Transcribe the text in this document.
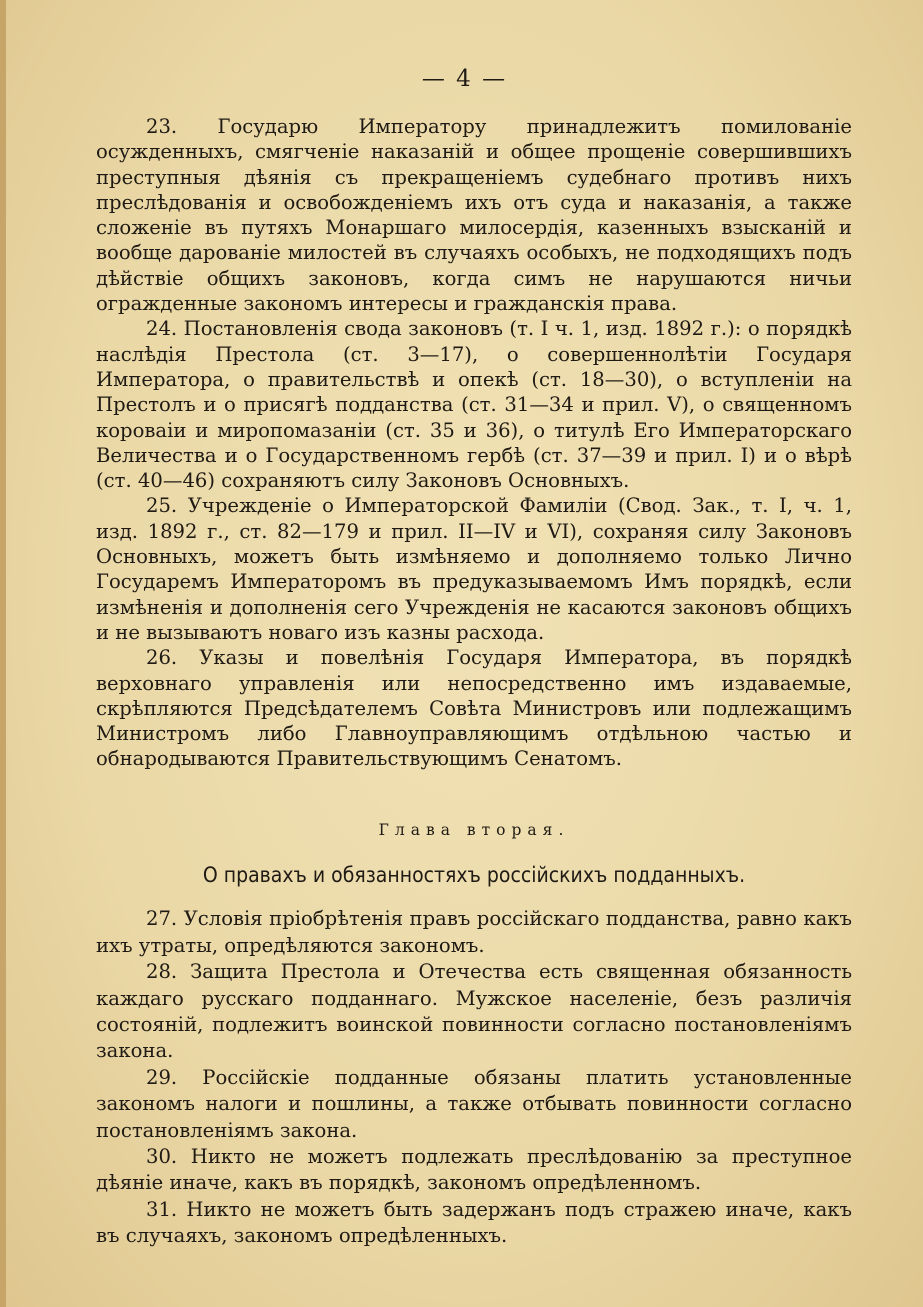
— 4 —

23. Государю Императору принадлежитъ помилованіе осужденныхъ, смягченіе наказаній и общее прощеніе совершившихъ преступныя дѣянія съ прекращеніемъ судебнаго противъ нихъ преслѣдованія и освобожденіемъ ихъ отъ суда и наказанія, а также сложеніе въ путяхъ Монаршаго милосердія, казенныхъ взысканій и вообще дарованіе милостей въ случаяхъ особыхъ, не подходящихъ подъ дѣйствіе общихъ законовъ, когда симъ не нарушаются ничьи огражденные закономъ интересы и гражданскія права.

24. Постановленія свода законовъ (т. I ч. 1, изд. 1892 г.): о порядкѣ наслѣдія Престола (ст. 3—17), о совершеннолѣтіи Государя Императора, о правительствѣ и опекѣ (ст. 18—30), о вступленіи на Престолъ и о присягѣ подданства (ст. 31—34 и прил. V), о священномъ короваіи и миропомазаніи (ст. 35 и 36), о титулѣ Его Императорскаго Величества и о Государственномъ гербѣ (ст. 37—39 и прил. I) и о вѣрѣ (ст. 40—46) сохраняютъ силу Законовъ Основныхъ.

25. Учрежденіе о Императорской Фамиліи (Свод. Зак., т. I, ч. 1, изд. 1892 г., ст. 82—179 и прил. II—IV и VI), сохраняя силу Законовъ Основныхъ, можетъ быть измѣняемо и дополняемо только Лично Государемъ Императоромъ въ предуказываемомъ Имъ порядкѣ, если измѣненія и дополненія сего Учрежденія не касаются законовъ общихъ и не вызываютъ новаго изъ казны расхода.

26. Указы и повелѣнія Государя Императора, въ порядкѣ верховнаго управленія или непосредственно имъ издаваемые, скрѣпляются Предсѣдателемъ Совѣта Министровъ или подлежащимъ Министромъ либо Главноуправляющимъ отдѣльною частью и обнародываются Правительствующимъ Сенатомъ.

Глава вторая.
О правахъ и обязанностяхъ россійскихъ подданныхъ.

27. Условія пріобрѣтенія правъ россійскаго подданства, равно какъ ихъ утраты, опредѣляются закономъ.

28. Защита Престола и Отечества есть священная обязанность каждаго русскаго подданнаго. Мужское населеніе, безъ различія состояній, подлежитъ воинской повинности согласно постановленіямъ закона.

29. Россійскіе подданные обязаны платить установленные закономъ налоги и пошлины, а также отбывать повинности согласно постановленіямъ закона.

30. Никто не можетъ подлежать преслѣдованію за преступное дѣяніе иначе, какъ въ порядкѣ, закономъ опредѣленномъ.

31. Никто не можетъ быть задержанъ подъ стражею иначе, какъ въ случаяхъ, закономъ опредѣленныхъ.
